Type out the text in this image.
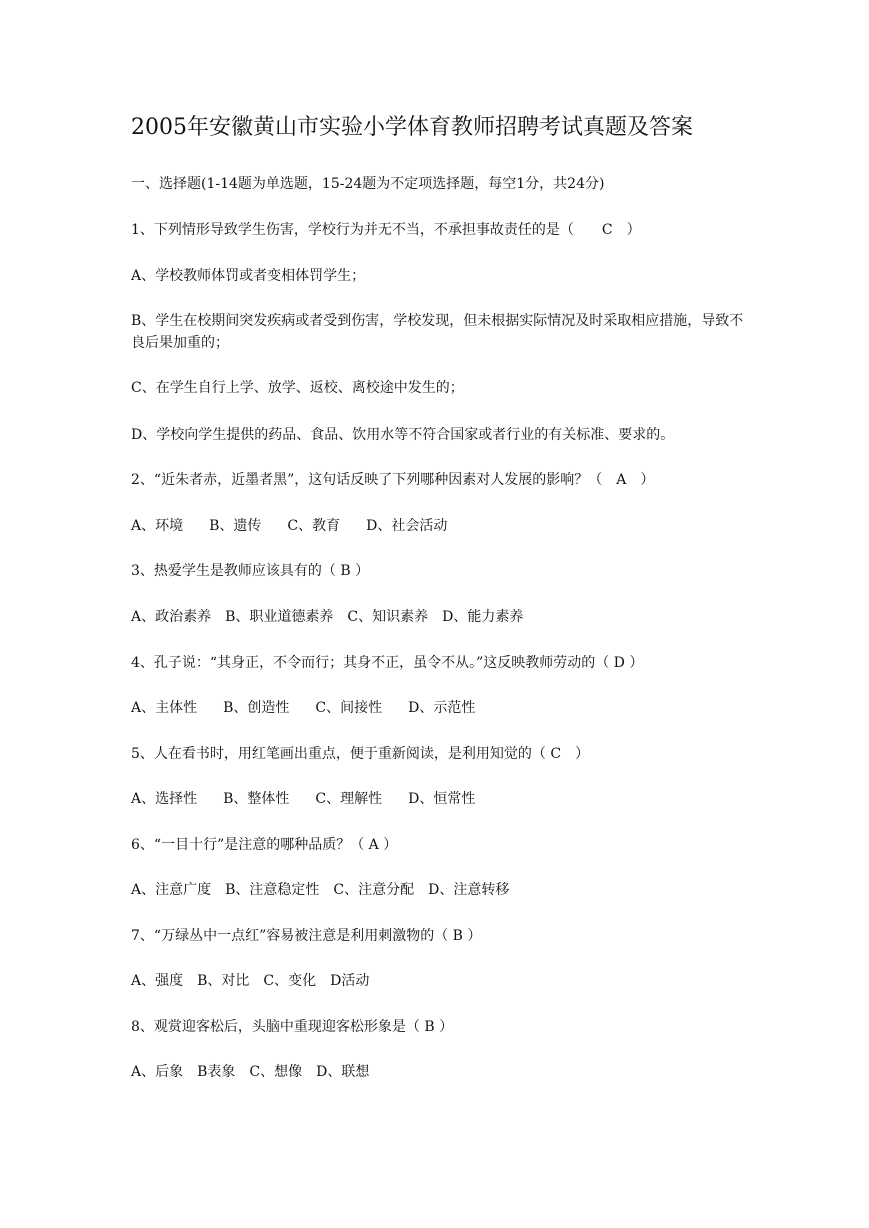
2005年安徽黄山市实验小学体育教师招聘考试真题及答案
一、选择题(1-14题为单选题，15-24题为不定项选择题，每空1分，共24分)
1、下列情形导致学生伤害，学校行为并无不当，不承担事故责任的是（　　C　）
A、学校教师体罚或者变相体罚学生；
B、学生在校期间突发疾病或者受到伤害，学校发现，但未根据实际情况及时采取相应措施，导致不良后果加重的；
C、在学生自行上学、放学、返校、离校途中发生的；
D、学校向学生提供的药品、食品、饮用水等不符合国家或者行业的有关标准、要求的。
2、“近朱者赤，近墨者黑”，这句话反映了下列哪种因素对人发展的影响？（　A　）
A、环境 B、遗传 C、教育 D、社会活动
3、热爱学生是教师应该具有的（ B ）
A、政治素养 B、职业道德素养 C、知识素养 D、能力素养
4、孔子说：“其身正，不令而行；其身不正，虽令不从。”这反映教师劳动的（ D ）
A、主体性 B、创造性 C、间接性 D、示范性
5、人在看书时，用红笔画出重点，便于重新阅读，是利用知觉的（ C　）
A、选择性 B、整体性 C、理解性 D、恒常性
6、“一目十行”是注意的哪种品质？（ A ）
A、注意广度 B、注意稳定性 C、注意分配 D、注意转移
7、“万绿丛中一点红”容易被注意是利用刺激物的（ B ）
A、强度 B、对比 C、变化 D活动
8、观赏迎客松后，头脑中重现迎客松形象是（ B ）
A、后象 B表象 C、想像 D、联想
